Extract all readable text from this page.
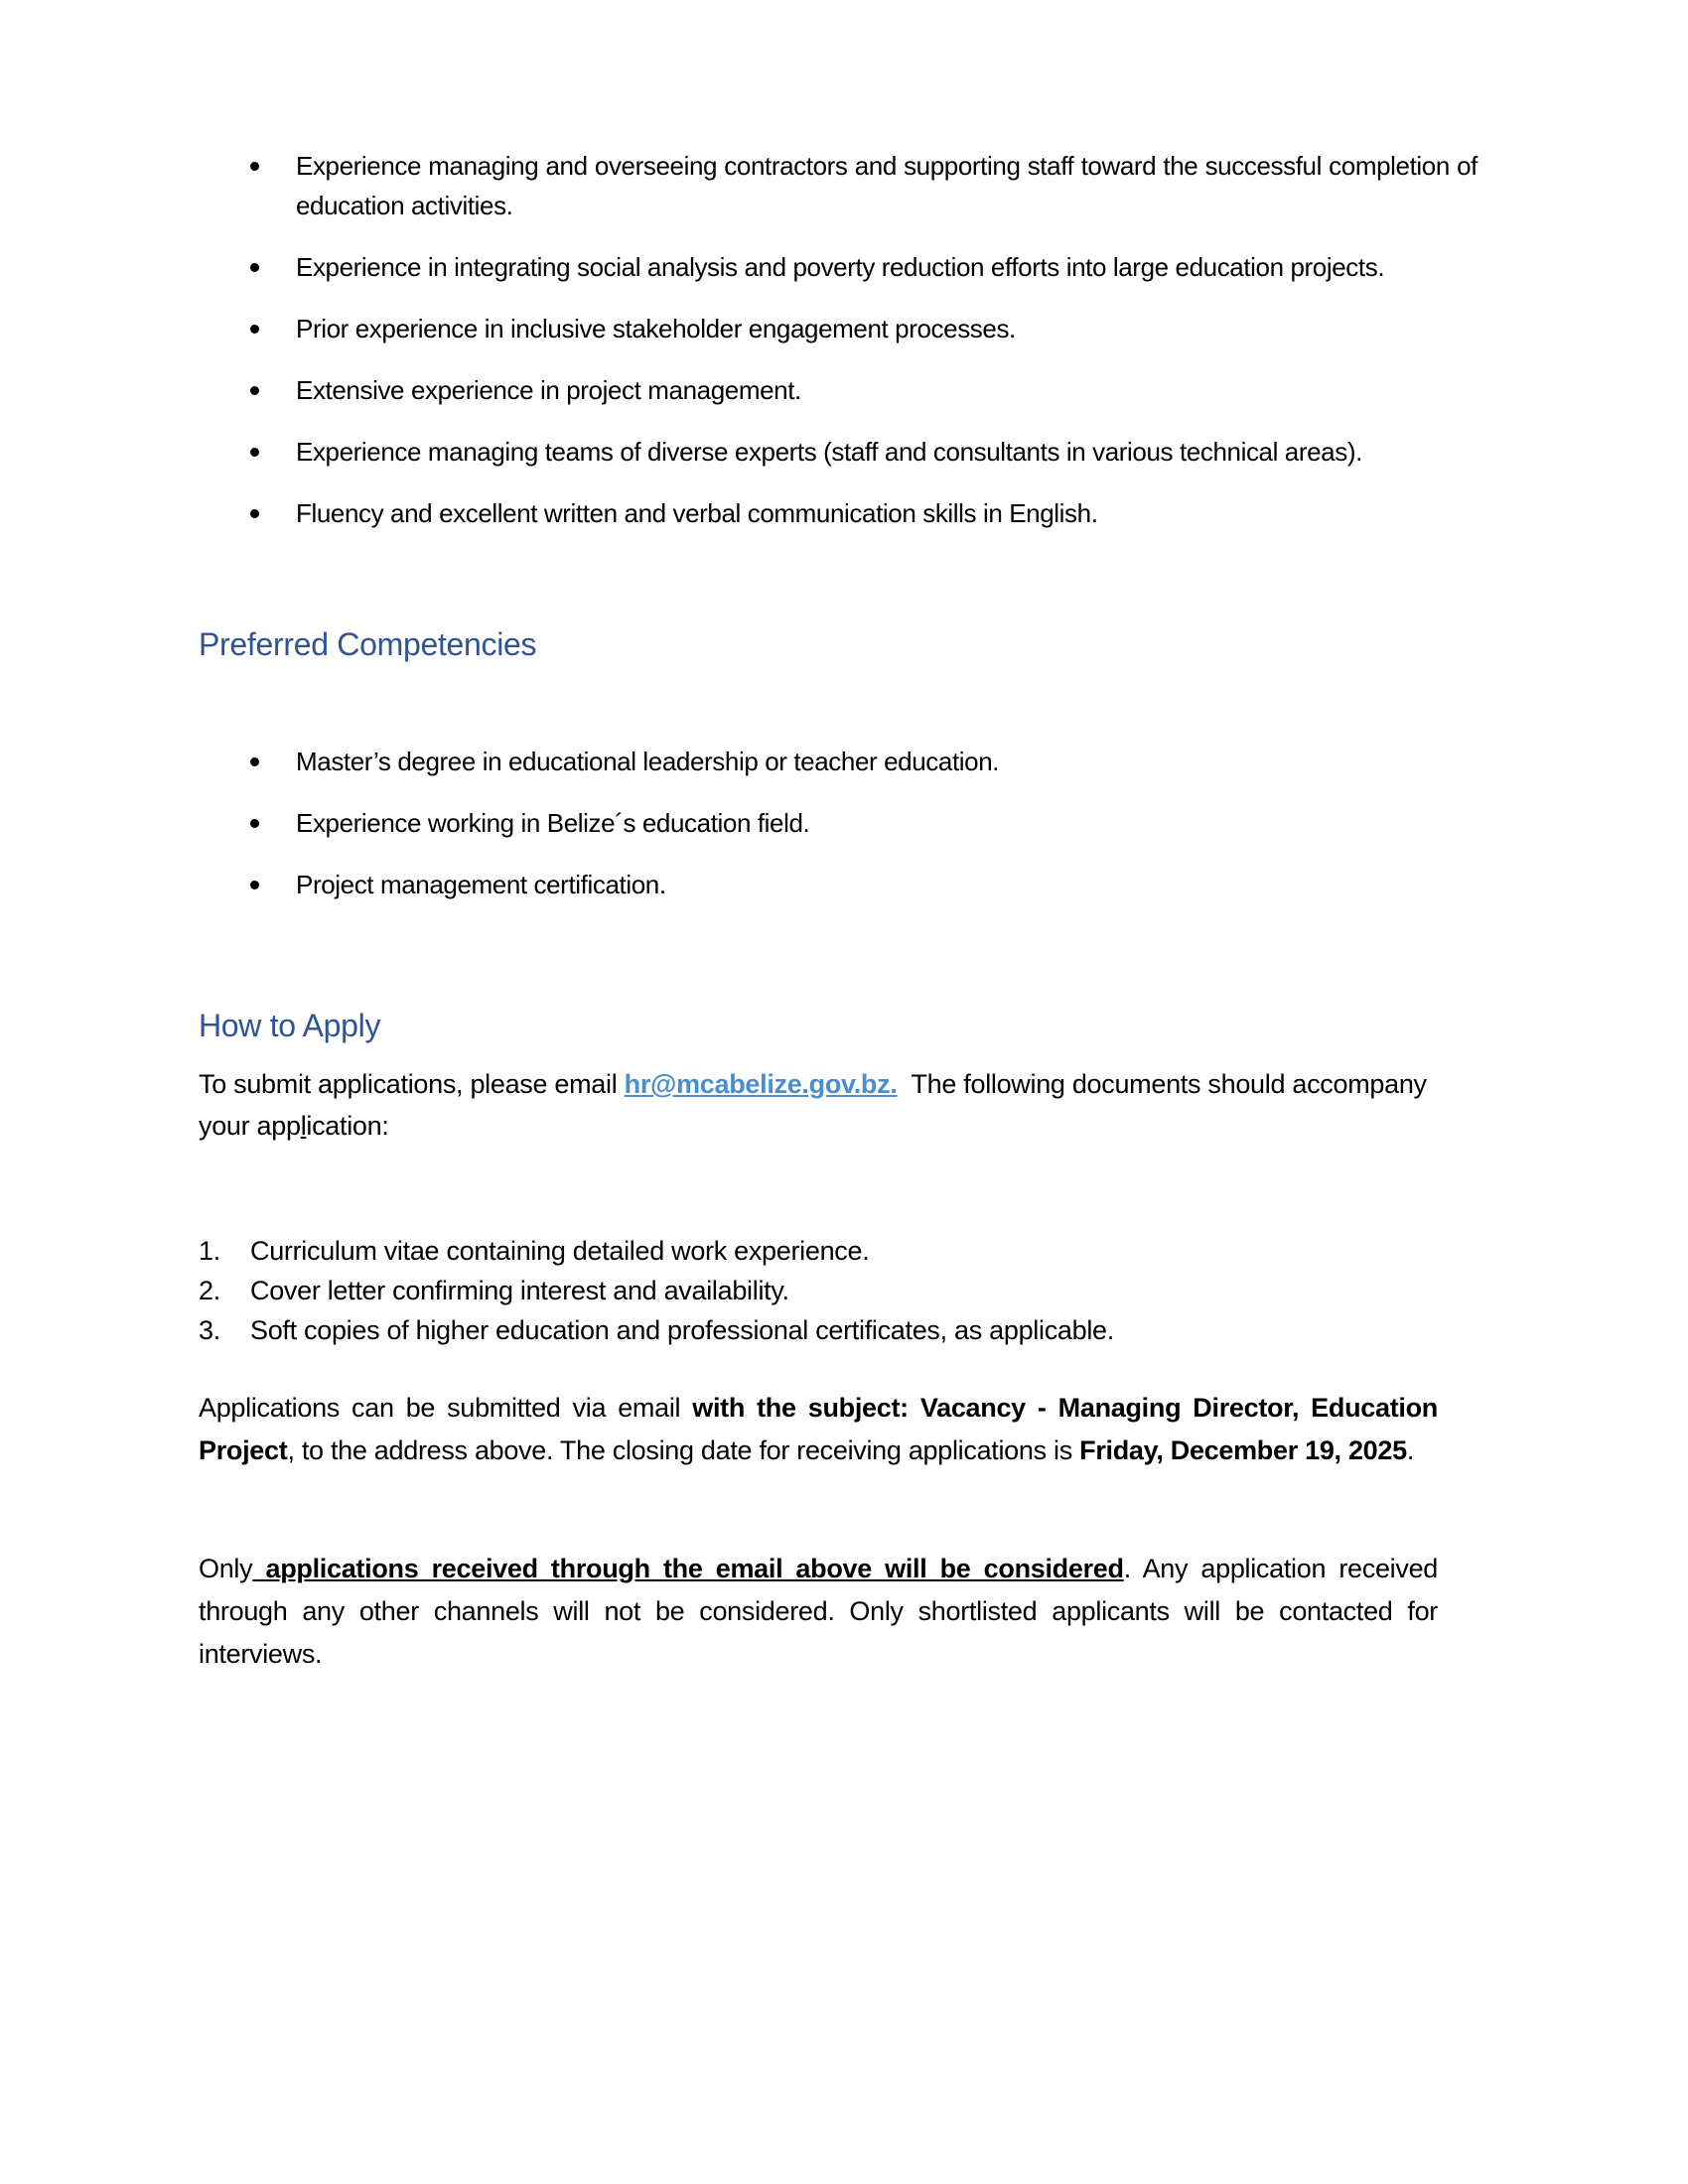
Experience managing and overseeing contractors and supporting staff toward the successful completion of education activities.
Experience in integrating social analysis and poverty reduction efforts into large education projects.
Prior experience in inclusive stakeholder engagement processes.
Extensive experience in project management.
Experience managing teams of diverse experts (staff and consultants in various technical areas).
Fluency and excellent written and verbal communication skills in English.
Preferred Competencies
Master’s degree in educational leadership or teacher education.
Experience working in Belize´s education field.
Project management certification.
How to Apply

To submit applications, please email hr@mcabelize.gov.bz.  The following documents should accompany your application:

1. Curriculum vitae containing detailed work experience.
2. Cover letter confirming interest and availability.
3. Soft copies of higher education and professional certificates, as applicable.

Applications can be submitted via email with the subject: Vacancy - Managing Director, Education Project, to the address above. The closing date for receiving applications is Friday, December 19, 2025.

Only applications received through the email above will be considered. Any application received through any other channels will not be considered. Only shortlisted applicants will be contacted for interviews.
